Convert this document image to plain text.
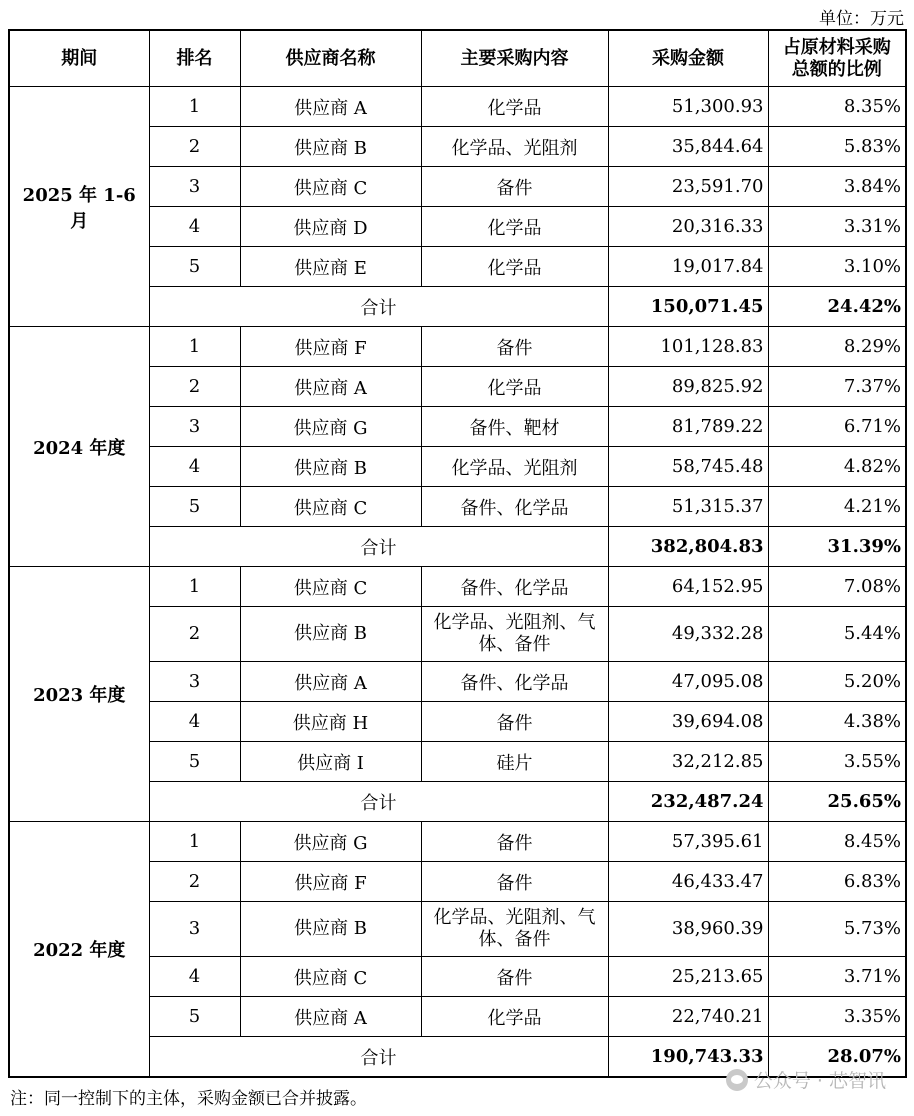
单位：万元
期间	排名	供应商名称	主要采购内容	采购金额	占原材料采购
总额的比例
2025 年 1-6 月	1	供应商 A	化学品	51,300.93	8.35%
	2	供应商 B	化学品、光阻剂	35,844.64	5.83%
	3	供应商 C	备件	23,591.70	3.84%
	4	供应商 D	化学品	20,316.33	3.31%
	5	供应商 E	化学品	19,017.84	3.10%
	合计			150,071.45	24.42%
2024 年度	1	供应商 F	备件	101,128.83	8.29%
	2	供应商 A	化学品	89,825.92	7.37%
	3	供应商 G	备件、靶材	81,789.22	6.71%
	4	供应商 B	化学品、光阻剂	58,745.48	4.82%
	5	供应商 C	备件、化学品	51,315.37	4.21%
	合计			382,804.83	31.39%
2023 年度	1	供应商 C	备件、化学品	64,152.95	7.08%
	2	供应商 B	化学品、光阻剂、气体、备件	49,332.28	5.44%
	3	供应商 A	备件、化学品	47,095.08	5.20%
	4	供应商 H	备件	39,694.08	4.38%
	5	供应商 I	硅片	32,212.85	3.55%
	合计			232,487.24	25.65%
2022 年度	1	供应商 G	备件	57,395.61	8.45%
	2	供应商 F	备件	46,433.47	6.83%
	3	供应商 B	化学品、光阻剂、气体、备件	38,960.39	5.73%
	4	供应商 C	备件	25,213.65	3.71%
	5	供应商 A	化学品	22,740.21	3.35%
	合计			190,743.33	28.07%
注：同一控制下的主体，采购金额已合并披露。
公众号 · 芯智讯
